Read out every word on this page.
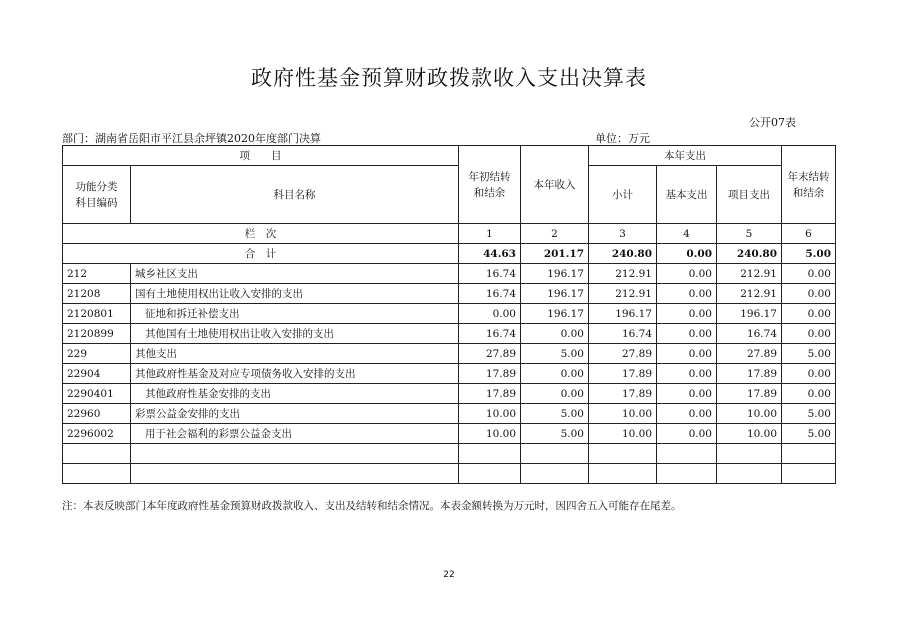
政府性基金预算财政拨款收入支出决算表
公开07表
部门：湖南省岳阳市平江县余坪镇2020年度部门决算	单位：万元
项　　目		年初结转
和结余	本年收入	本年支出			年末结转
和结余
功能分类
科目编码	科目名称			小计	基本支出	项目支出	
栏　次		1	2	3	4	5	6
合　计		44.63	201.17	240.80	0.00	240.80	5.00
212	城乡社区支出	16.74	196.17	212.91	0.00	212.91	0.00
21208	国有土地使用权出让收入安排的支出	16.74	196.17	212.91	0.00	212.91	0.00
2120801	征地和拆迁补偿支出	0.00	196.17	196.17	0.00	196.17	0.00
2120899	其他国有土地使用权出让收入安排的支出	16.74	0.00	16.74	0.00	16.74	0.00
229	其他支出	27.89	5.00	27.89	0.00	27.89	5.00
22904	其他政府性基金及对应专项债务收入安排的支出	17.89	0.00	17.89	0.00	17.89	0.00
2290401	其他政府性基金安排的支出	17.89	0.00	17.89	0.00	17.89	0.00
22960	彩票公益金安排的支出	10.00	5.00	10.00	0.00	10.00	5.00
2296002	用于社会福利的彩票公益金支出	10.00	5.00	10.00	0.00	10.00	5.00

注：本表反映部门本年度政府性基金预算财政拨款收入、支出及结转和结余情况。本表金额转换为万元时，因四舍五入可能存在尾差。
22
